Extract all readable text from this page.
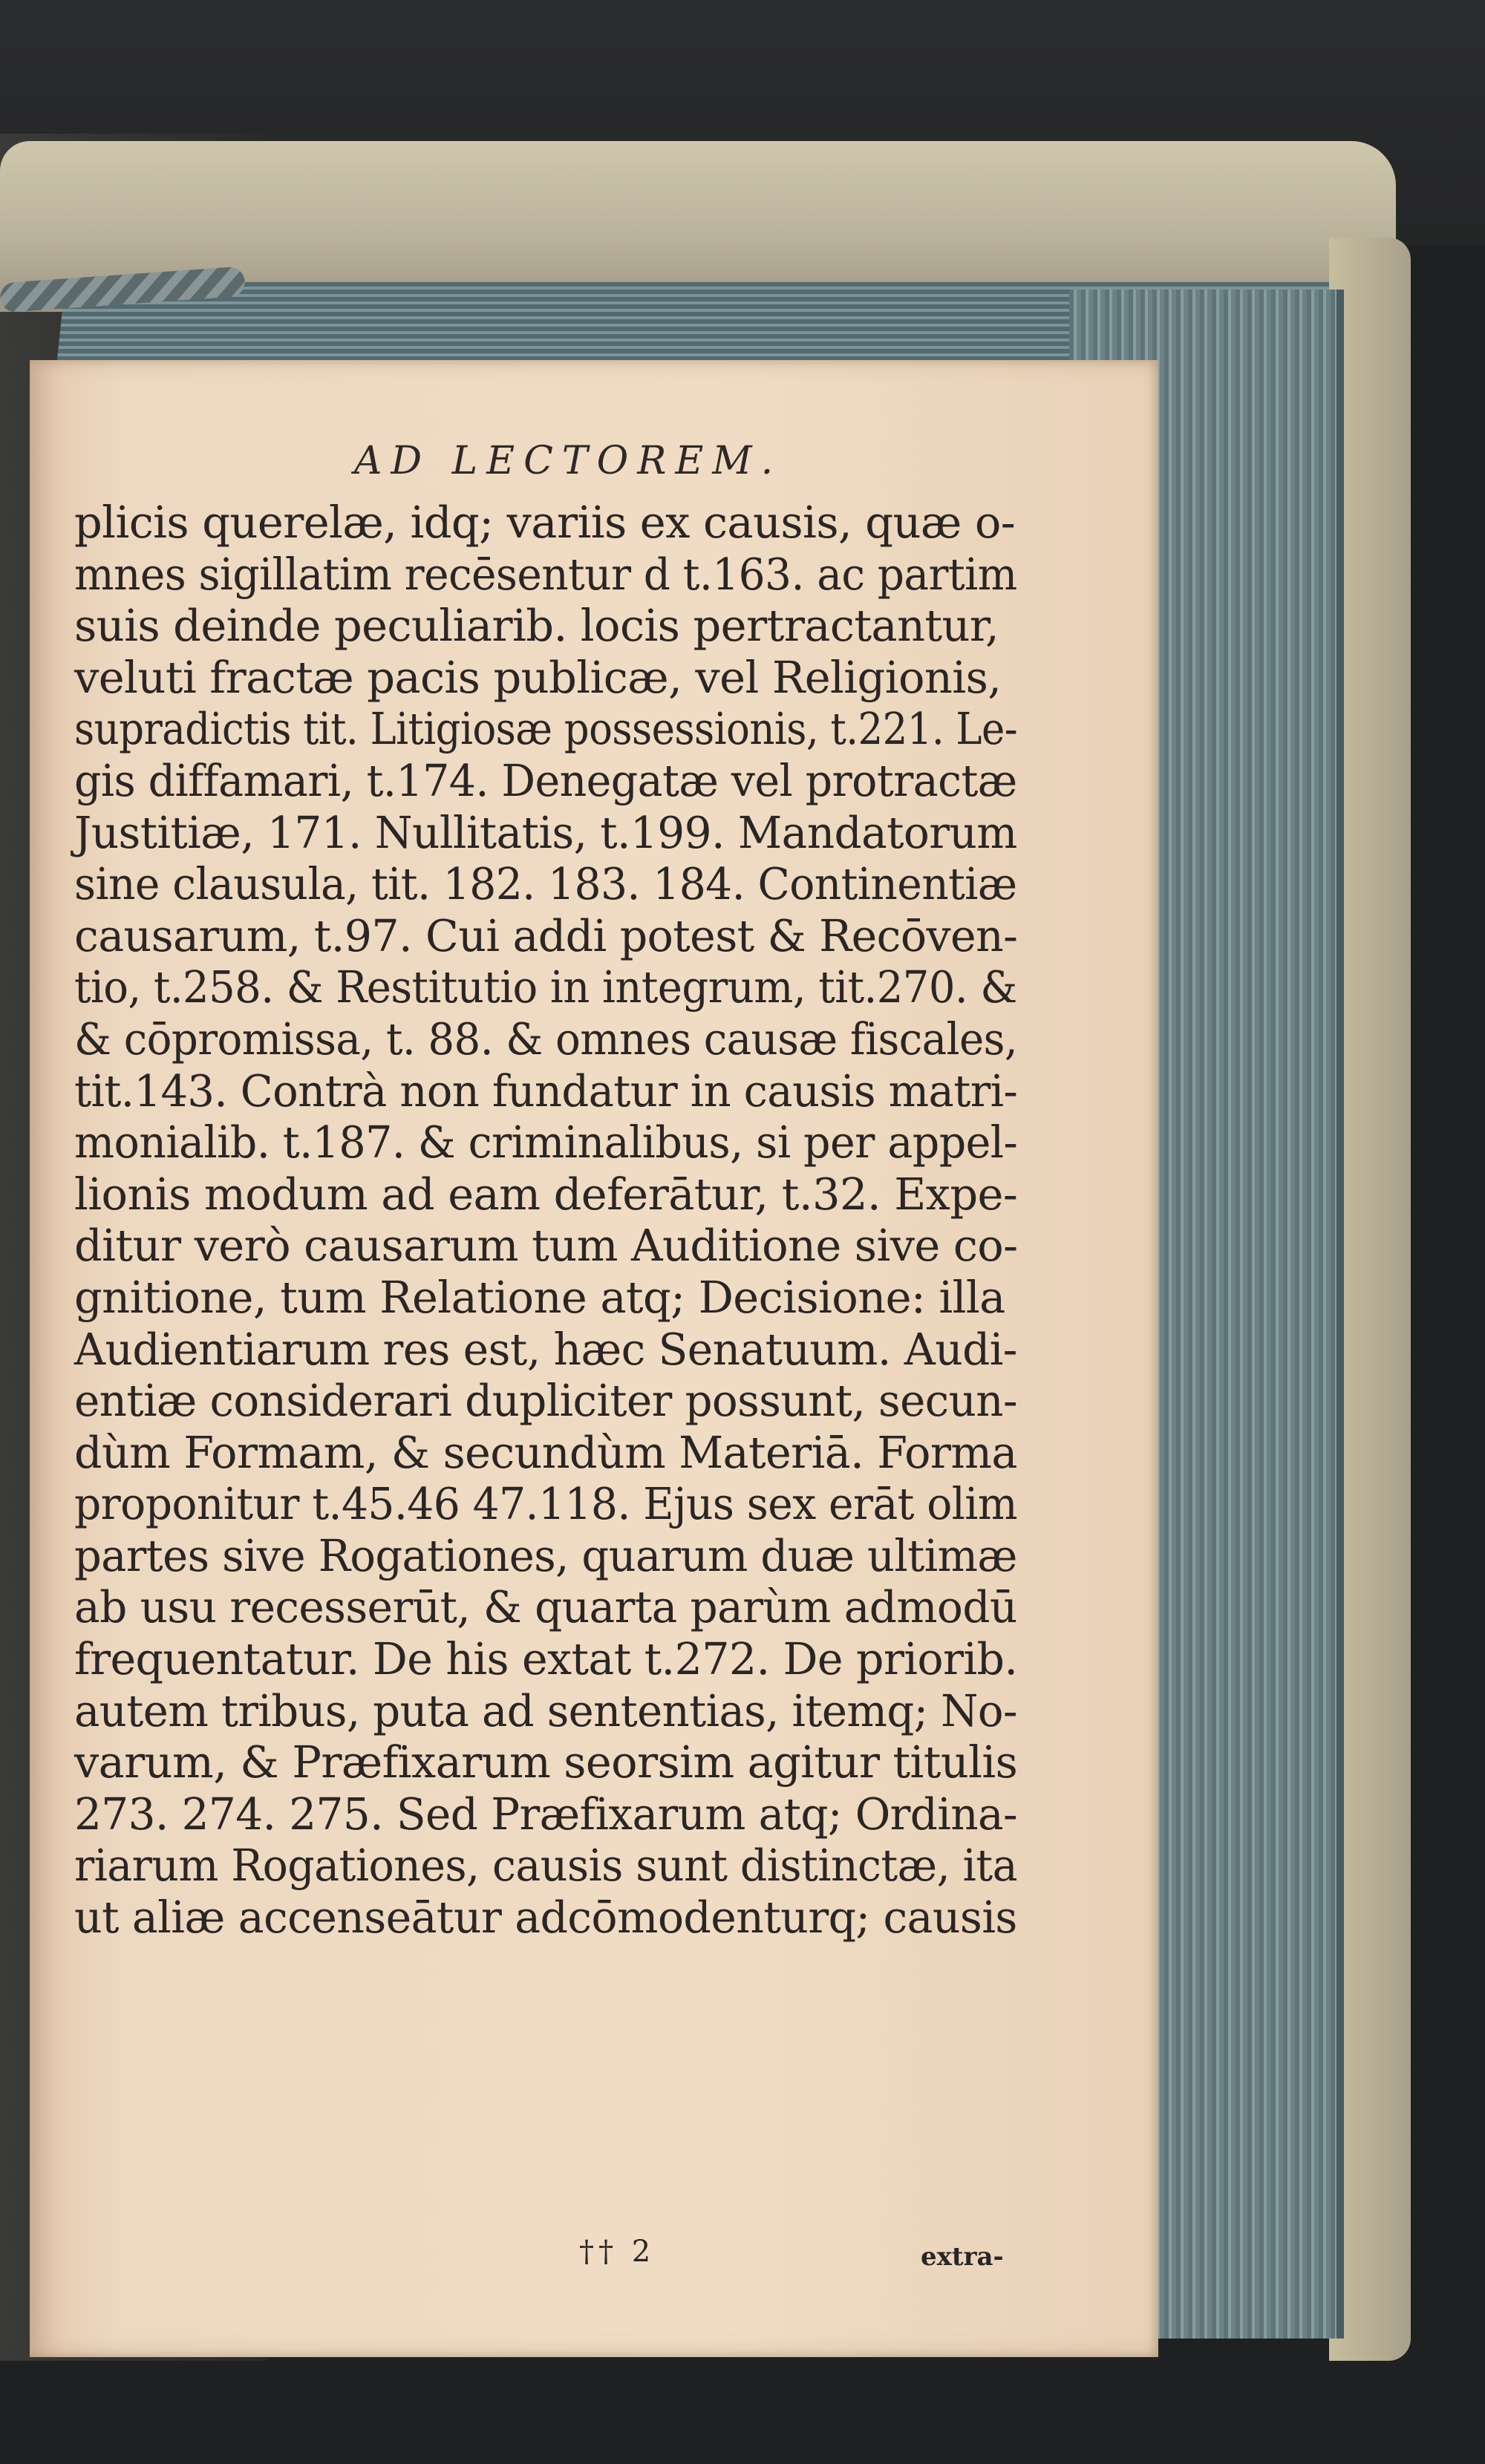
AD LECTOREM.
plicis querelæ, idq; variis ex causis, quæ o-
mnes sigillatim recēsentur d t.163. ac partim
suis deinde peculiarib. locis pertractantur,
veluti fractæ pacis publicæ, vel Religionis,
supradictis tit. Litigiosæ possessionis, t.221. Le-
gis diffamari, t.174. Denegatæ vel protractæ
Justitiæ, 171. Nullitatis, t.199. Mandatorum
sine clausula, tit. 182. 183. 184. Continentiæ
causarum, t.97. Cui addi potest & Recōven-
tio, t.258. & Restitutio in integrum, tit.270. &
& cōpromissa, t. 88. & omnes causæ fiscales,
tit.143. Contrà non fundatur in causis matri-
monialib. t.187. & criminalibus, si per appel-
lionis modum ad eam deferātur, t.32. Expe-
ditur verò causarum tum Auditione sive co-
gnitione, tum Relatione atq; Decisione: illa
Audientiarum res est, hæc Senatuum. Audi-
entiæ considerari dupliciter possunt, secun-
dùm Formam, & secundùm Materiā. Forma
proponitur t.45.46 47.118. Ejus sex erāt olim
partes sive Rogationes, quarum duæ ultimæ
ab usu recesserūt, & quarta parùm admodū
frequentatur. De his extat t.272. De priorib.
autem tribus, puta ad sententias, itemq; No-
varum, & Præfixarum seorsim agitur titulis
273. 274. 275. Sed Præfixarum atq; Ordina-
riarum Rogationes, causis sunt distinctæ, ita
ut aliæ accenseātur adcōmodenturq; causis
†† 2	extra-
